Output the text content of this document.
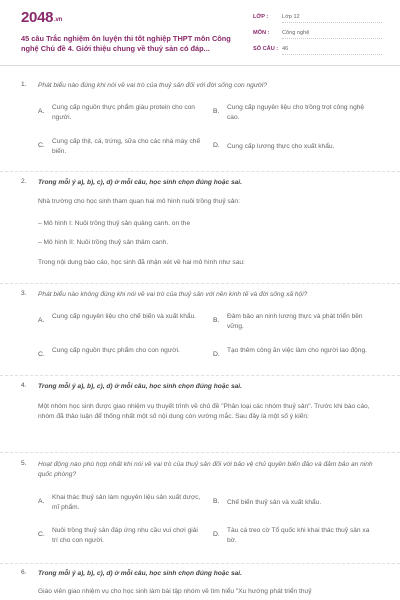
2048.vn
45 câu Trắc nghiệm ôn luyện thi tốt nghiệp THPT môn Công nghệ Chủ đề 4. Giới thiệu chung về thuỷ sản có đáp...
LỚP : Lớp 12
MÔN : Công nghệ
SỐ CÂU : 46
1. Phát biểu nào đúng khi nói về vai trò của thuỷ sản đối với đời sống con người?
A.
Cung cấp nguồn thực phẩm giàu protein cho con người.
B.
Cung cấp nguyên liệu cho trồng trọt công nghệ cao.
C.
Cung cấp thịt, cá, trứng, sữa cho các nhà máy chế biến.
D. Cung cấp lương thực cho xuất khẩu.
2. Trong mỗi ý a), b), c), d) ở mỗi câu, học sinh chọn đúng hoặc sai.
Nhà trường cho học sinh tham quan hai mô hình nuôi trồng thuỷ sản:
– Mô hình I: Nuôi trồng thuỷ sản quảng canh. on the
– Mô hình II: Nuôi trồng thuỷ sản thâm canh.
Trong nội dung báo cáo, học sinh đã nhận xét về hai mô hình như sau:
3. Phát biểu nào không đúng khi nói về vai trò của thuỷ sản với nền kinh tế và đời sống xã hội?
A.
Cung cấp nguyên liệu cho chế biến và xuất khẩu.
B.
Đảm bảo an ninh lương thực và phát triển bền vững.
C.
Cung cấp nguồn thực phẩm cho con người.
D.
Tạo thêm công ăn việc làm cho người lao động.
4. Trong mỗi ý a), b), c), d) ở mỗi câu, học sinh chọn đúng hoặc sai.
Một nhóm học sinh được giao nhiệm vụ thuyết trình về chủ đề "Phân loại các nhóm thuỷ sản". Trước khi báo cáo, nhóm đã thảo luận để thống nhất một số nội dung còn vướng mắc. Sau đây là một số ý kiến:
5. Hoạt động nào phù hợp nhất khi nói về vai trò của thuỷ sản đối với bảo vệ chủ quyền biển đảo và đảm bảo an ninh quốc phòng?
A.
Khai thác thuỷ sản làm nguyên liệu sản xuất dược, mĩ phẩm.
B. Chế biến thuỷ sản và xuất khẩu.
C.
Nuôi trồng thuỷ sản đáp ứng nhu cầu vui chơi giải trí cho con người.
D.
Tàu cá treo cờ Tổ quốc khi khai thác thuỷ sản xa bờ.
6. Trong mỗi ý a), b), c), d) ở mỗi câu, học sinh chọn đúng hoặc sai.
Giáo viên giao nhiệm vụ cho học sinh làm bài tập nhóm về tìm hiểu "Xu hướng phát triển thuỷ
